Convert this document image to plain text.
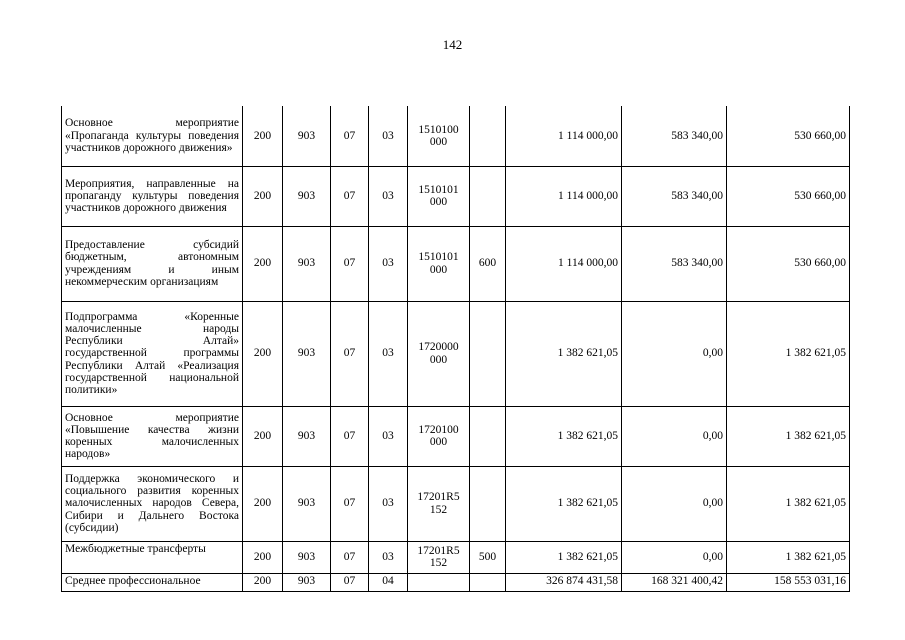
142
Основное мероприятие «Пропаганда культуры поведения участников дорожного движения»	200	903	07	03	1510100 000		1 114 000,00	583 340,00	530 660,00
Мероприятия, направленные на пропаганду культуры поведения участников дорожного движения	200	903	07	03	1510101 000		1 114 000,00	583 340,00	530 660,00
Предоставление субсидий бюджетным, автономным учреждениям и иным некоммерческим организациям	200	903	07	03	1510101 000	600	1 114 000,00	583 340,00	530 660,00
Подпрограмма «Коренные малочисленные народы Республики Алтай» государственной программы Республики Алтай «Реализация государственной национальной политики»	200	903	07	03	1720000 000		1 382 621,05	0,00	1 382 621,05
Основное мероприятие «Повышение качества жизни коренных малочисленных народов»	200	903	07	03	1720100 000		1 382 621,05	0,00	1 382 621,05
Поддержка экономического и социального развития коренных малочисленных народов Севера, Сибири и Дальнего Востока (субсидии)	200	903	07	03	17201R5 152		1 382 621,05	0,00	1 382 621,05
Межбюджетные трансферты	200	903	07	03	17201R5 152	500	1 382 621,05	0,00	1 382 621,05
Среднее профессиональное	200	903	07	04			326 874 431,58	168 321 400,42	158 553 031,16
